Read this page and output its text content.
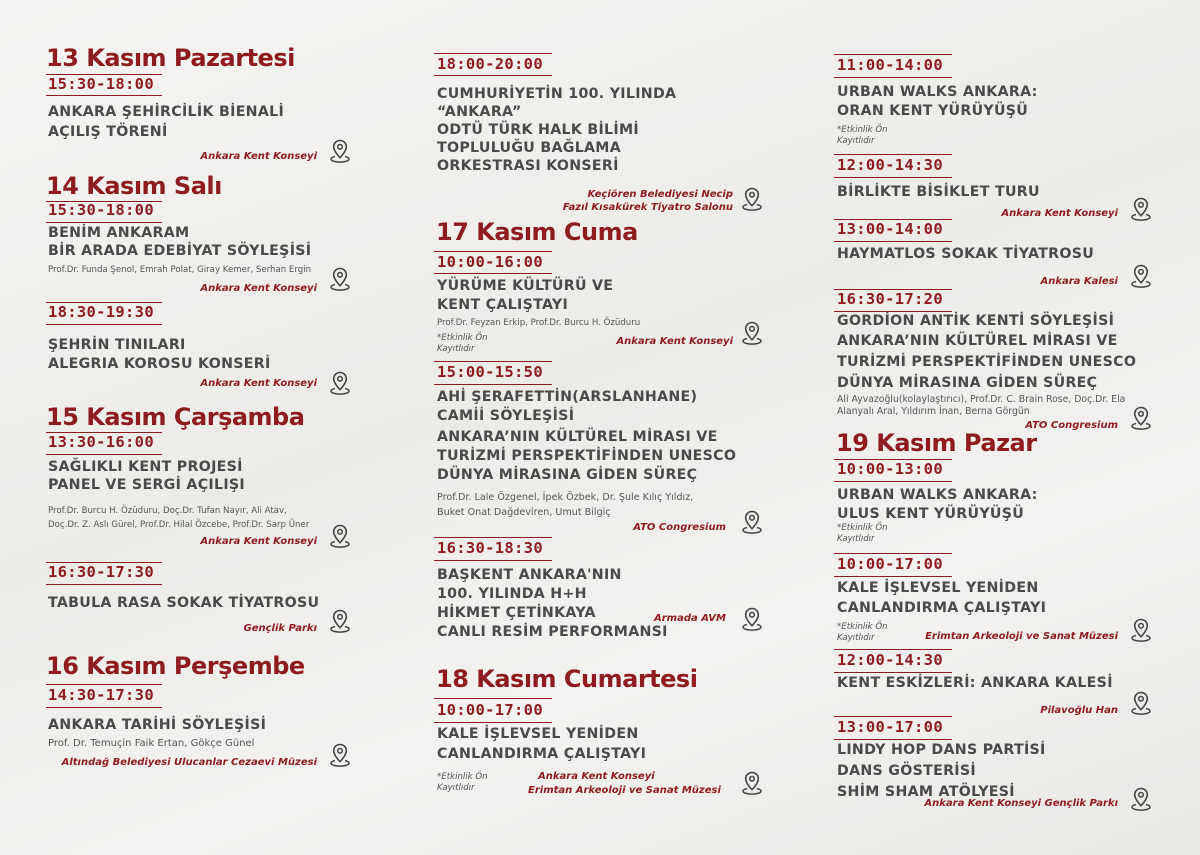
13 Kasım Pazartesi
15:30-18:00
ANKARA ŞEHİRCİLİK BİENALİ
AÇILIŞ TÖRENİ
Ankara Kent Konseyi
14 Kasım Salı
15:30-18:00
BENİM ANKARAM
BİR ARADA EDEBİYAT SÖYLEŞİSİ
Prof.Dr. Funda Şenol, Emrah Polat, Giray Kemer, Serhan Ergin
Ankara Kent Konseyi
18:30-19:30
ŞEHRİN TINILARI
ALEGRIA KOROSU KONSERİ
Ankara Kent Konseyi
15 Kasım Çarşamba
13:30-16:00
SAĞLIKLI KENT PROJESİ
PANEL VE SERGİ AÇILIŞI
Prof.Dr. Burcu H. Özüduru, Doç.Dr. Tufan Nayır, Ali Atav,
Doç.Dr. Z. Aslı Gürel, Prof.Dr. Hilal Özcebe, Prof.Dr. Sarp Üner
Ankara Kent Konseyi
16:30-17:30
TABULA RASA SOKAK TİYATROSU
Gençlik Parkı
16 Kasım Perşembe
14:30-17:30
ANKARA TARİHİ SÖYLEŞİSİ
Prof. Dr. Temuçin Faik Ertan, Gökçe Günel
Altındağ Belediyesi Ulucanlar Cezaevi Müzesi
18:00-20:00
CUMHURİYETİN 100. YILINDA
“ANKARA”
ODTÜ TÜRK HALK BİLİMİ
TOPLULUĞU BAĞLAMA
ORKESTRASI KONSERİ
Keçiören Belediyesi Necip
Fazıl Kısakürek Tiyatro Salonu
17 Kasım Cuma
10:00-16:00
YÜRÜME KÜLTÜRÜ VE
KENT ÇALIŞTAYI
Prof.Dr. Feyzan Erkip, Prof.Dr. Burcu H. Özüduru
*Etkinlik Ön
Kayıtlıdır
Ankara Kent Konseyi
15:00-15:50
AHİ ŞERAFETTİN(ARSLANHANE)
CAMİİ SÖYLEŞİSİ
ANKARA’NIN KÜLTÜREL MİRASI VE
TURİZMİ PERSPEKTİFİNDEN UNESCO
DÜNYA MİRASINA GİDEN SÜREÇ
Prof.Dr. Lale Özgenel, İpek Özbek, Dr. Şule Kılıç Yıldız,
Buket Onat Dağdeviren, Umut Bilgiç
ATO Congresium
16:30-18:30
BAŞKENT ANKARA'NIN
100. YILINDA H+H
HİKMET ÇETİNKAYA
CANLI RESİM PERFORMANSI
Armada AVM
18 Kasım Cumartesi
10:00-17:00
KALE İŞLEVSEL YENİDEN
CANLANDIRMA ÇALIŞTAYI
*Etkinlik Ön
Kayıtlıdır
Ankara Kent Konseyi
Erimtan Arkeoloji ve Sanat Müzesi
11:00-14:00
URBAN WALKS ANKARA:
ORAN KENT YÜRÜYÜŞÜ
*Etkinlik Ön
Kayıtlıdır
12:00-14:30
BİRLİKTE BİSİKLET TURU
Ankara Kent Konseyi
13:00-14:00
HAYMATLOS SOKAK TİYATROSU
Ankara Kalesi
16:30-17:20
GORDİON ANTİK KENTİ SÖYLEŞİSİ
ANKARA’NIN KÜLTÜREL MİRASI VE
TURİZMİ PERSPEKTİFİNDEN UNESCO
DÜNYA MİRASINA GİDEN SÜREÇ
Ali Ayvazoğlu(kolaylaştırıcı), Prof.Dr. C. Brain Rose, Doç.Dr. Ela
Alanyalı Aral, Yıldırım İnan, Berna Görgün
ATO Congresium
19 Kasım Pazar
10:00-13:00
URBAN WALKS ANKARA:
ULUS KENT YÜRÜYÜŞÜ
*Etkinlik Ön
Kayıtlıdır
10:00-17:00
KALE İŞLEVSEL YENİDEN
CANLANDIRMA ÇALIŞTAYI
*Etkinlik Ön
Kayıtlıdır	Erimtan Arkeoloji ve Sanat Müzesi
12:00-14:30
KENT ESKİZLERİ: ANKARA KALESİ
Pilavoğlu Han
13:00-17:00
LINDY HOP DANS PARTİSİ
DANS GÖSTERİSİ
SHİM SHAM ATÖLYESİ
Ankara Kent Konseyi Gençlik Parkı
